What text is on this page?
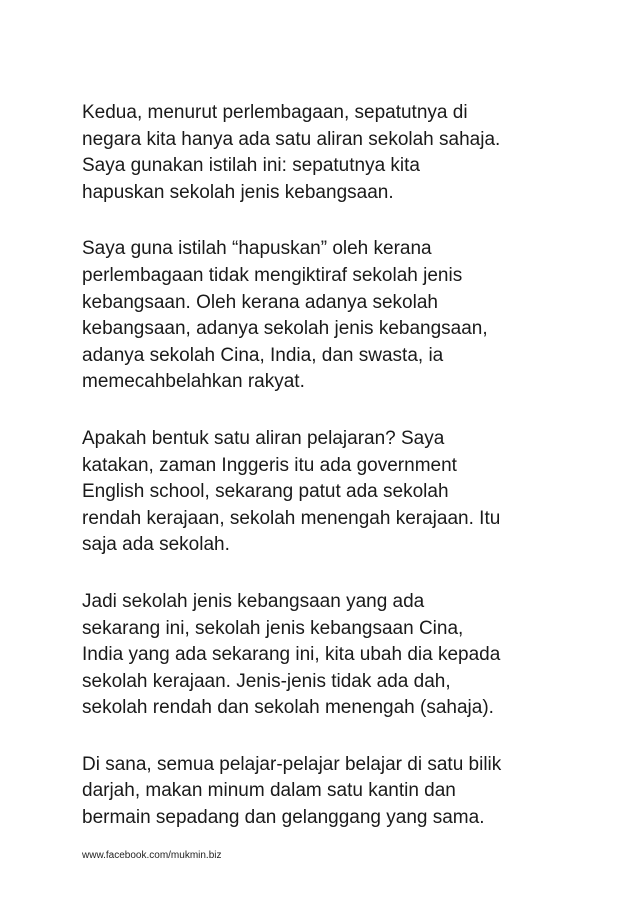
Kedua, menurut perlembagaan, sepatutnya di
negara kita hanya ada satu aliran sekolah sahaja.
Saya gunakan istilah ini: sepatutnya kita
hapuskan sekolah jenis kebangsaan.

Saya guna istilah “hapuskan” oleh kerana
perlembagaan tidak mengiktiraf sekolah jenis
kebangsaan. Oleh kerana adanya sekolah
kebangsaan, adanya sekolah jenis kebangsaan,
adanya sekolah Cina, India, dan swasta, ia
memecahbelahkan rakyat.

Apakah bentuk satu aliran pelajaran? Saya
katakan, zaman Inggeris itu ada government
English school, sekarang patut ada sekolah
rendah kerajaan, sekolah menengah kerajaan. Itu
saja ada sekolah.

Jadi sekolah jenis kebangsaan yang ada
sekarang ini, sekolah jenis kebangsaan Cina,
India yang ada sekarang ini, kita ubah dia kepada
sekolah kerajaan. Jenis-jenis tidak ada dah,
sekolah rendah dan sekolah menengah (sahaja).

Di sana, semua pelajar-pelajar belajar di satu bilik
darjah, makan minum dalam satu kantin dan
bermain sepadang dan gelanggang yang sama.

www.facebook.com/mukmin.biz
